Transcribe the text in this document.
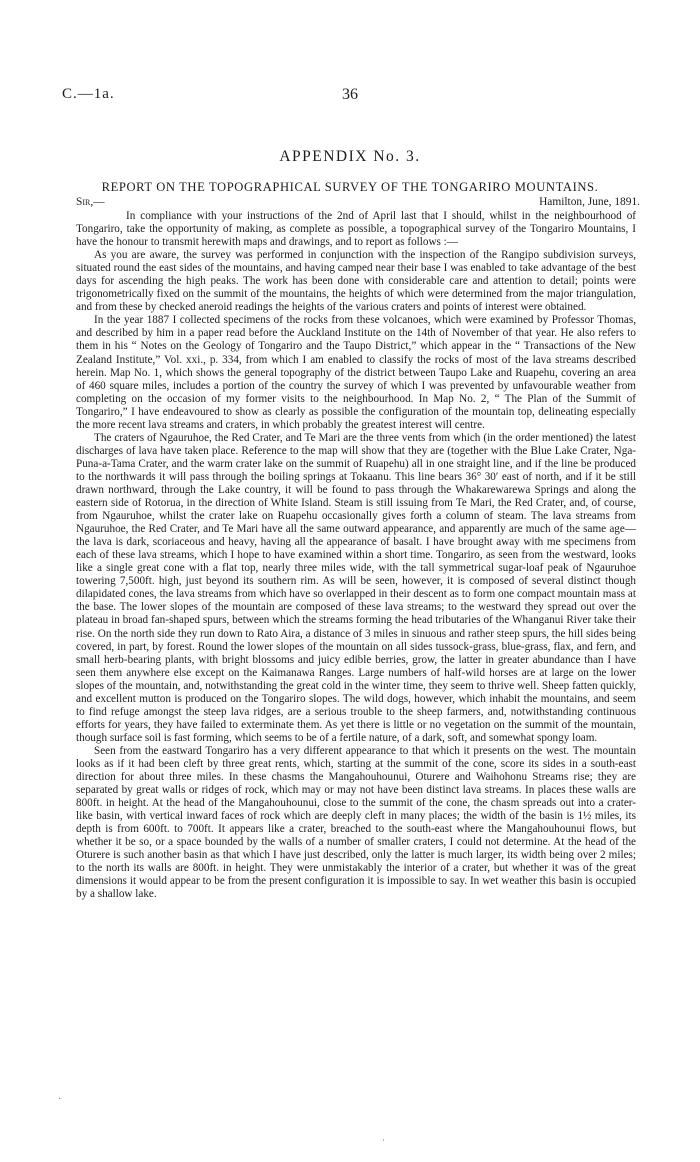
C.—1a.	36
APPENDIX No. 3.
REPORT ON THE TOPOGRAPHICAL SURVEY OF THE TONGARIRO MOUNTAINS.
Sir,—	Hamilton, June, 1891.

In compliance with your instructions of the 2nd of April last that I should, whilst in the neighbourhood of Tongariro, take the opportunity of making, as complete as possible, a topographical survey of the Tongariro Mountains, I have the honour to transmit herewith maps and drawings, and to report as follows :—

As you are aware, the survey was performed in conjunction with the inspection of the Rangipo subdivision surveys, situated round the east sides of the mountains, and having camped near their base I was enabled to take advantage of the best days for ascending the high peaks. The work has been done with considerable care and attention to detail; points were trigonometrically fixed on the summit of the mountains, the heights of which were determined from the major triangulation, and from these by checked aneroid readings the heights of the various craters and points of interest were obtained.

In the year 1887 I collected specimens of the rocks from these volcanoes, which were examined by Professor Thomas, and described by him in a paper read before the Auckland Institute on the 14th of November of that year. He also refers to them in his “ Notes on the Geology of Tongariro and the Taupo District,” which appear in the “ Transactions of the New Zealand Institute,” Vol. xxi., p. 334, from which I am enabled to classify the rocks of most of the lava streams described herein. Map No. 1, which shows the general topography of the district between Taupo Lake and Ruapehu, covering an area of 460 square miles, includes a portion of the country the survey of which I was prevented by unfavourable weather from completing on the occasion of my former visits to the neighbourhood. In Map No. 2, “ The Plan of the Summit of Tongariro,” I have endeavoured to show as clearly as possible the configuration of the mountain top, delineating especially the more recent lava streams and craters, in which probably the greatest interest will centre.

The craters of Ngauruhoe, the Red Crater, and Te Mari are the three vents from which (in the order mentioned) the latest discharges of lava have taken place. Reference to the map will show that they are (together with the Blue Lake Crater, Nga-Puna-a-Tama Crater, and the warm crater lake on the summit of Ruapehu) all in one straight line, and if the line be produced to the northwards it will pass through the boiling springs at Tokaanu. This line bears 36° 30′ east of north, and if it be still drawn northward, through the Lake country, it will be found to pass through the Whakarewarewa Springs and along the eastern side of Rotorua, in the direction of White Island. Steam is still issuing from Te Mari, the Red Crater, and, of course, from Ngauruhoe, whilst the crater lake on Ruapehu occasionally gives forth a column of steam. The lava streams from Ngauruhoe, the Red Crater, and Te Mari have all the same outward appearance, and apparently are much of the same age—the lava is dark, scoriaceous and heavy, having all the appearance of basalt. I have brought away with me specimens from each of these lava streams, which I hope to have examined within a short time. Tongariro, as seen from the westward, looks like a single great cone with a flat top, nearly three miles wide, with the tall symmetrical sugar-loaf peak of Ngauruhoe towering 7,500ft. high, just beyond its southern rim. As will be seen, however, it is composed of several distinct though dilapidated cones, the lava streams from which have so overlapped in their descent as to form one compact mountain mass at the base. The lower slopes of the mountain are composed of these lava streams; to the westward they spread out over the plateau in broad fan-shaped spurs, between which the streams forming the head tributaries of the Whanganui River take their rise. On the north side they run down to Rato Aira, a distance of 3 miles in sinuous and rather steep spurs, the hill sides being covered, in part, by forest. Round the lower slopes of the mountain on all sides tussock-grass, blue-grass, flax, and fern, and small herb-bearing plants, with bright blossoms and juicy edible berries, grow, the latter in greater abundance than I have seen them anywhere else except on the Kaimanawa Ranges. Large numbers of half-wild horses are at large on the lower slopes of the mountain, and, notwithstanding the great cold in the winter time, they seem to thrive well. Sheep fatten quickly, and excellent mutton is produced on the Tongariro slopes. The wild dogs, however, which inhabit the mountains, and seem to find refuge amongst the steep lava ridges, are a serious trouble to the sheep farmers, and, notwithstanding continuous efforts for years, they have failed to exterminate them. As yet there is little or no vegetation on the summit of the mountain, though surface soil is fast forming, which seems to be of a fertile nature, of a dark, soft, and somewhat spongy loam.

Seen from the eastward Tongariro has a very different appearance to that which it presents on the west. The mountain looks as if it had been cleft by three great rents, which, starting at the summit of the cone, score its sides in a south-east direction for about three miles. In these chasms the Mangahouhounui, Oturere and Waihohonu Streams rise; they are separated by great walls or ridges of rock, which may or may not have been distinct lava streams. In places these walls are 800ft. in height. At the head of the Mangahouhounui, close to the summit of the cone, the chasm spreads out into a crater-like basin, with vertical inward faces of rock which are deeply cleft in many places; the width of the basin is 1½ miles, its depth is from 600ft. to 700ft. It appears like a crater, breached to the south-east where the Mangahouhounui flows, but whether it be so, or a space bounded by the walls of a number of smaller craters, I could not determine. At the head of the Oturere is such another basin as that which I have just described, only the latter is much larger, its width being over 2 miles; to the north its walls are 800ft. in height. They were unmistakably the interior of a crater, but whether it was of the great dimensions it would appear to be from the present configuration it is impossible to say. In wet weather this basin is occupied by a shallow lake.

·
‚
